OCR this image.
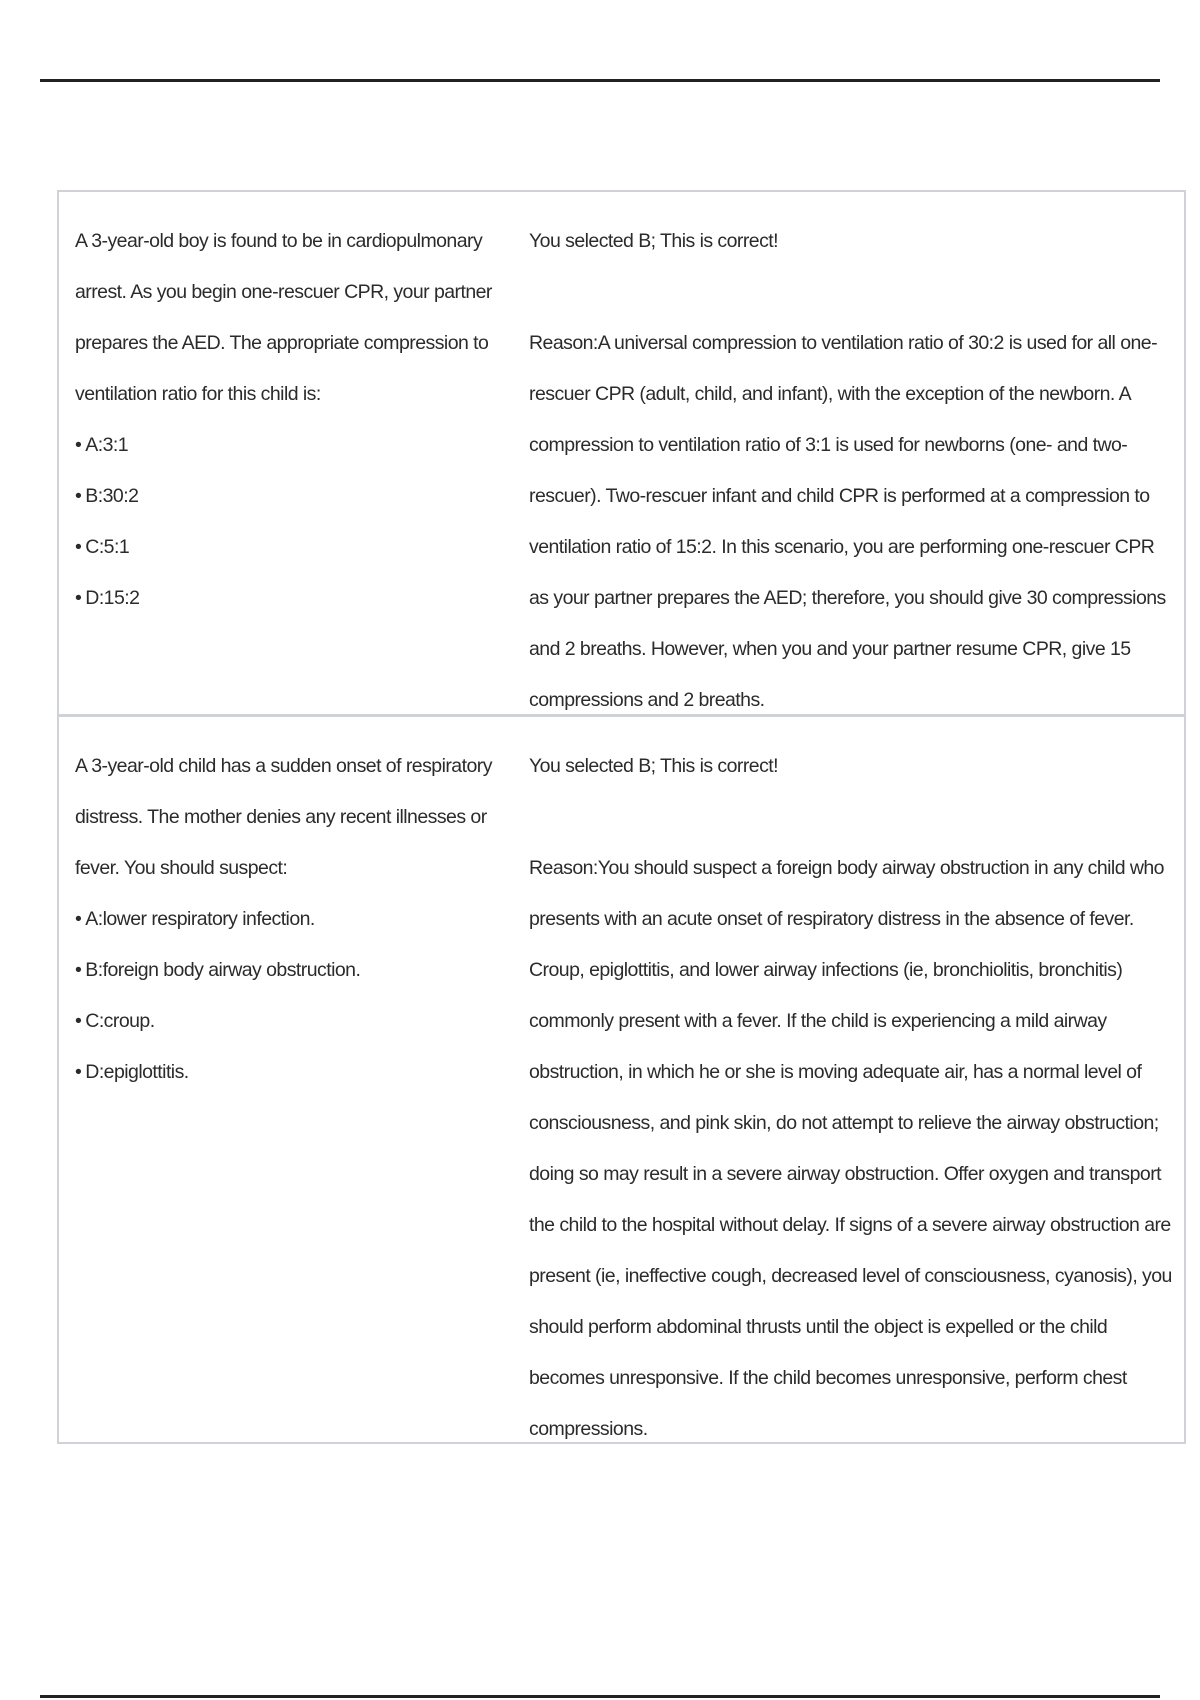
A 3-year-old boy is found to be in cardiopulmonary arrest. As you begin one-rescuer CPR, your partner prepares the AED. The appropriate compression to ventilation ratio for this child is:

• A:3:1
• B:30:2
• C:5:1
• D:15:2

You selected B; This is correct!

Reason:A universal compression to ventilation ratio of 30:2 is used for all one-rescuer CPR (adult, child, and infant), with the exception of the newborn. A compression to ventilation ratio of 3:1 is used for newborns (one- and two-rescuer). Two-rescuer infant and child CPR is performed at a compression to ventilation ratio of 15:2. In this scenario, you are performing one-rescuer CPR as your partner prepares the AED; therefore, you should give 30 compressions and 2 breaths. However, when you and your partner resume CPR, give 15 compressions and 2 breaths.

A 3-year-old child has a sudden onset of respiratory distress. The mother denies any recent illnesses or fever. You should suspect:

• A:lower respiratory infection.
• B:foreign body airway obstruction.
• C:croup.
• D:epiglottitis.

You selected B; This is correct!

Reason:You should suspect a foreign body airway obstruction in any child who presents with an acute onset of respiratory distress in the absence of fever. Croup, epiglottitis, and lower airway infections (ie, bronchiolitis, bronchitis) commonly present with a fever. If the child is experiencing a mild airway obstruction, in which he or she is moving adequate air, has a normal level of consciousness, and pink skin, do not attempt to relieve the airway obstruction; doing so may result in a severe airway obstruction. Offer oxygen and transport the child to the hospital without delay. If signs of a severe airway obstruction are present (ie, ineffective cough, decreased level of consciousness, cyanosis), you should perform abdominal thrusts until the object is expelled or the child becomes unresponsive. If the child becomes unresponsive, perform chest compressions.
